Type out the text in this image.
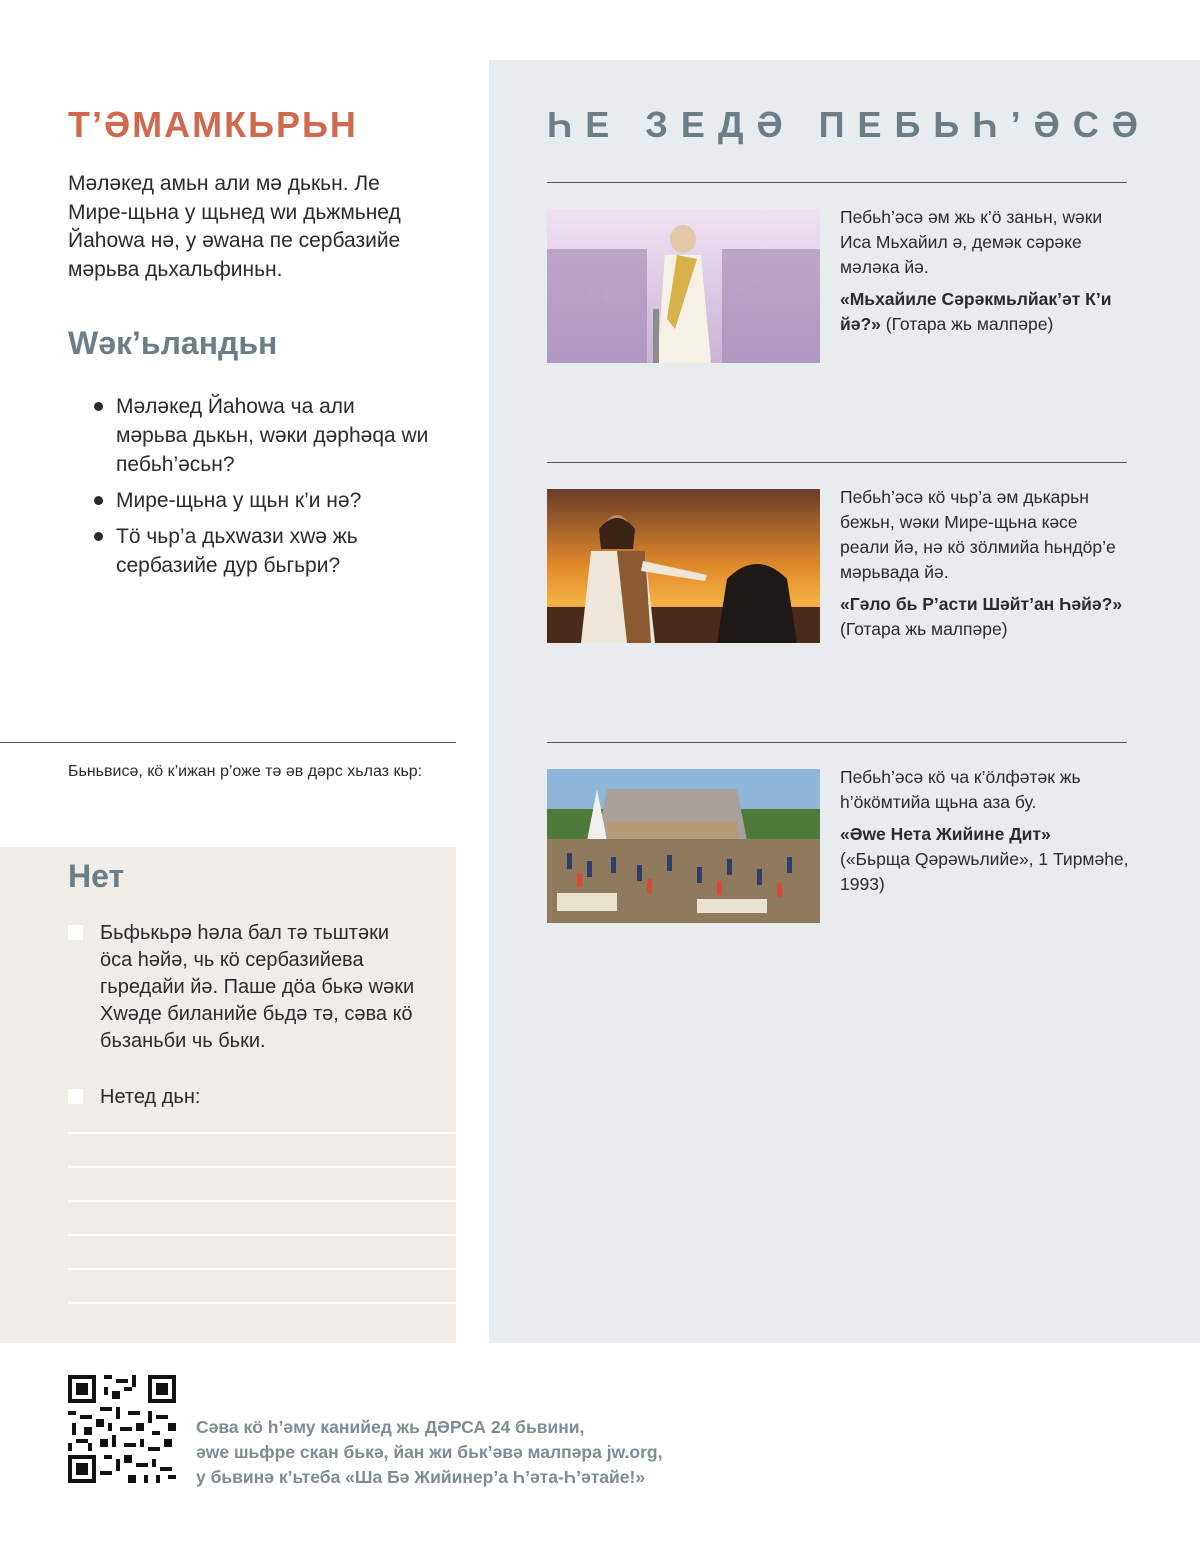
Т’ӘМАМКЬРЬН

Мәләкед амьн али мә дькьн. Ле Мире-щьна у щьнед wи дьжмьнед Йаhowа нә, у әwана пе сербазийе мәрьва дьхальфиньн.

Wәк’ьландьн
Мәләкед Йаhowа ча али мәрьва дькьн, wәки дәрhәqа wи пебьһ’әсьн?
Мире-щьна у щьн к’и нә?
Тӧ чьр’а дьхwази хwә жь сербазийе дур бьгьри?

Бьньвисә, кӧ к’ижан р’оже тә әв дәрс хьлаз кьр:

Нет
Бьфькьрә hәла бал тә тьштәки ӧса hәйә, чь кӧ сербазийева гьредайи йә. Паше дӧа бькә wәки Хwәде биланийе бьдә тә, сәва кӧ бьзаньби чь бьки.
Нетед дьн:
ҺЕ ЗЕДӘ ПЕБЬҺ’ӘСӘ

Пебьһ’әсә әм жь к’ӧ заньн, wәки Иса Мьхайил ә, демәк сәрәке мәләка йә.

«Мьхайиле Сәрәкмьлйак’әт К’и йә?» (Готара жь малпәре)

Пебьһ’әсә кӧ чьр’а әм дькарьн бежьн, wәки Мире-щьна кәсе реали йә, нә кӧ зӧлмийа һьндӧр’е мәрьвада йә.

«Гәло бь Р’асти Шәйт’ан Һәйә?» (Готара жь малпәре)

Пебьһ’әсә кӧ ча к’ӧлфәтәк жь һ’ӧкӧмтийа щьна аза бу.

«Әwе Нета Жийине Дит»
(«Бьрща Qәрәwьлийе», 1 Тирмәhе, 1993)

Сәва кӧ һ’әму канийед жь ДӘРСА 24 бьвини,
әwе шьфре скан бькә, йан жи бьк’әвә малпәра jw.org,
у бьвинә к’ьтеба «Ша Бә Жийинер’а Һ’әта-Һ’әтайе!»
